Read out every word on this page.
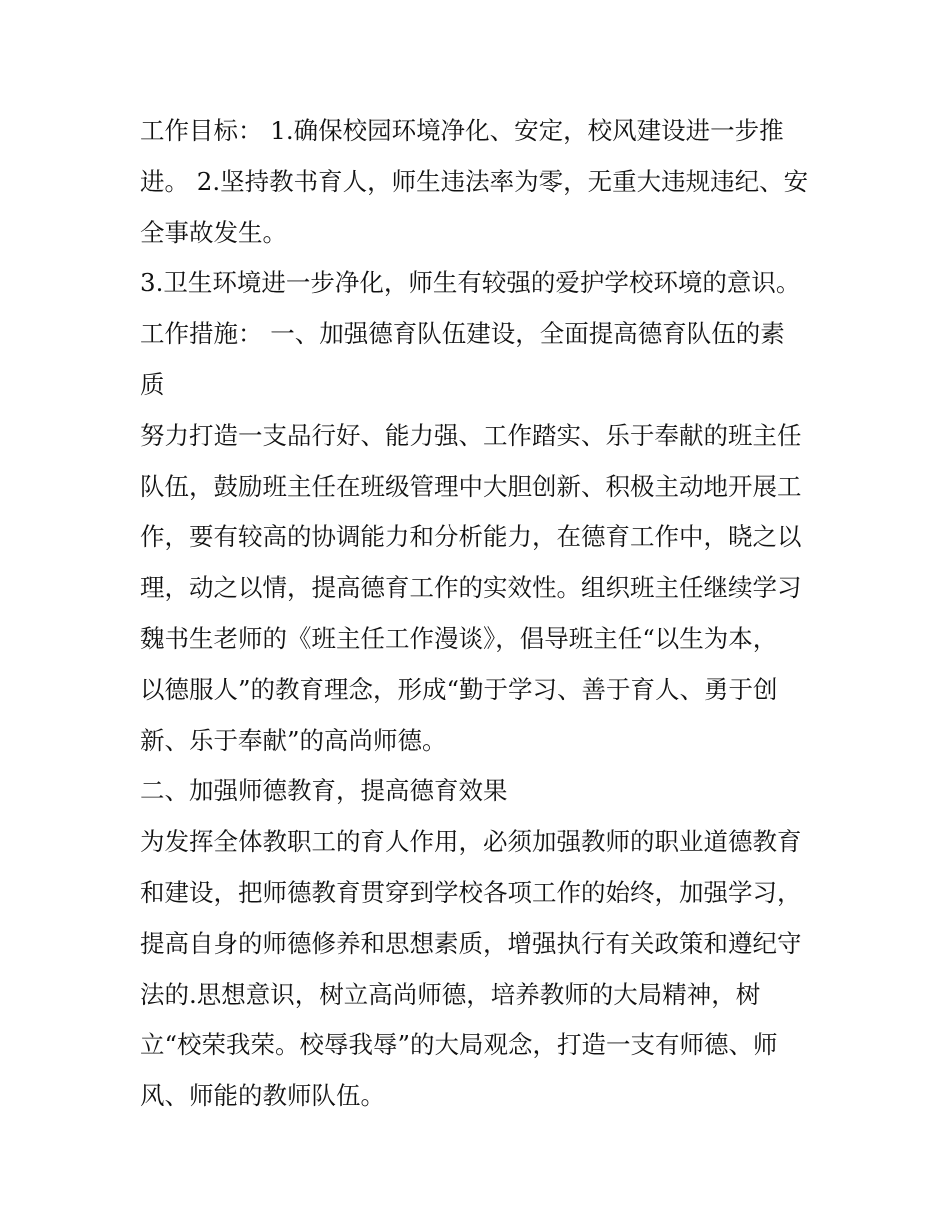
工作目标： 1.确保校园环境净化、安定，校风建设进一步推
进。 2.坚持教书育人，师生违法率为零，无重大违规违纪、安
全事故发生。
3.卫生环境进一步净化，师生有较强的爱护学校环境的意识。
工作措施： 一、加强德育队伍建设，全面提高德育队伍的素
质
努力打造一支品行好、能力强、工作踏实、乐于奉献的班主任
队伍，鼓励班主任在班级管理中大胆创新、积极主动地开展工
作，要有较高的协调能力和分析能力，在德育工作中，晓之以
理，动之以情，提高德育工作的实效性。组织班主任继续学习
魏书生老师的《班主任工作漫谈》，倡导班主任“以生为本，
以德服人”的教育理念，形成“勤于学习、善于育人、勇于创
新、乐于奉献”的高尚师德。
二、加强师德教育，提高德育效果
为发挥全体教职工的育人作用，必须加强教师的职业道德教育
和建设，把师德教育贯穿到学校各项工作的始终，加强学习，
提高自身的师德修养和思想素质，增强执行有关政策和遵纪守
法的.思想意识，树立高尚师德，培养教师的大局精神，树
立“校荣我荣。校辱我辱”的大局观念，打造一支有师德、师
风、师能的教师队伍。
